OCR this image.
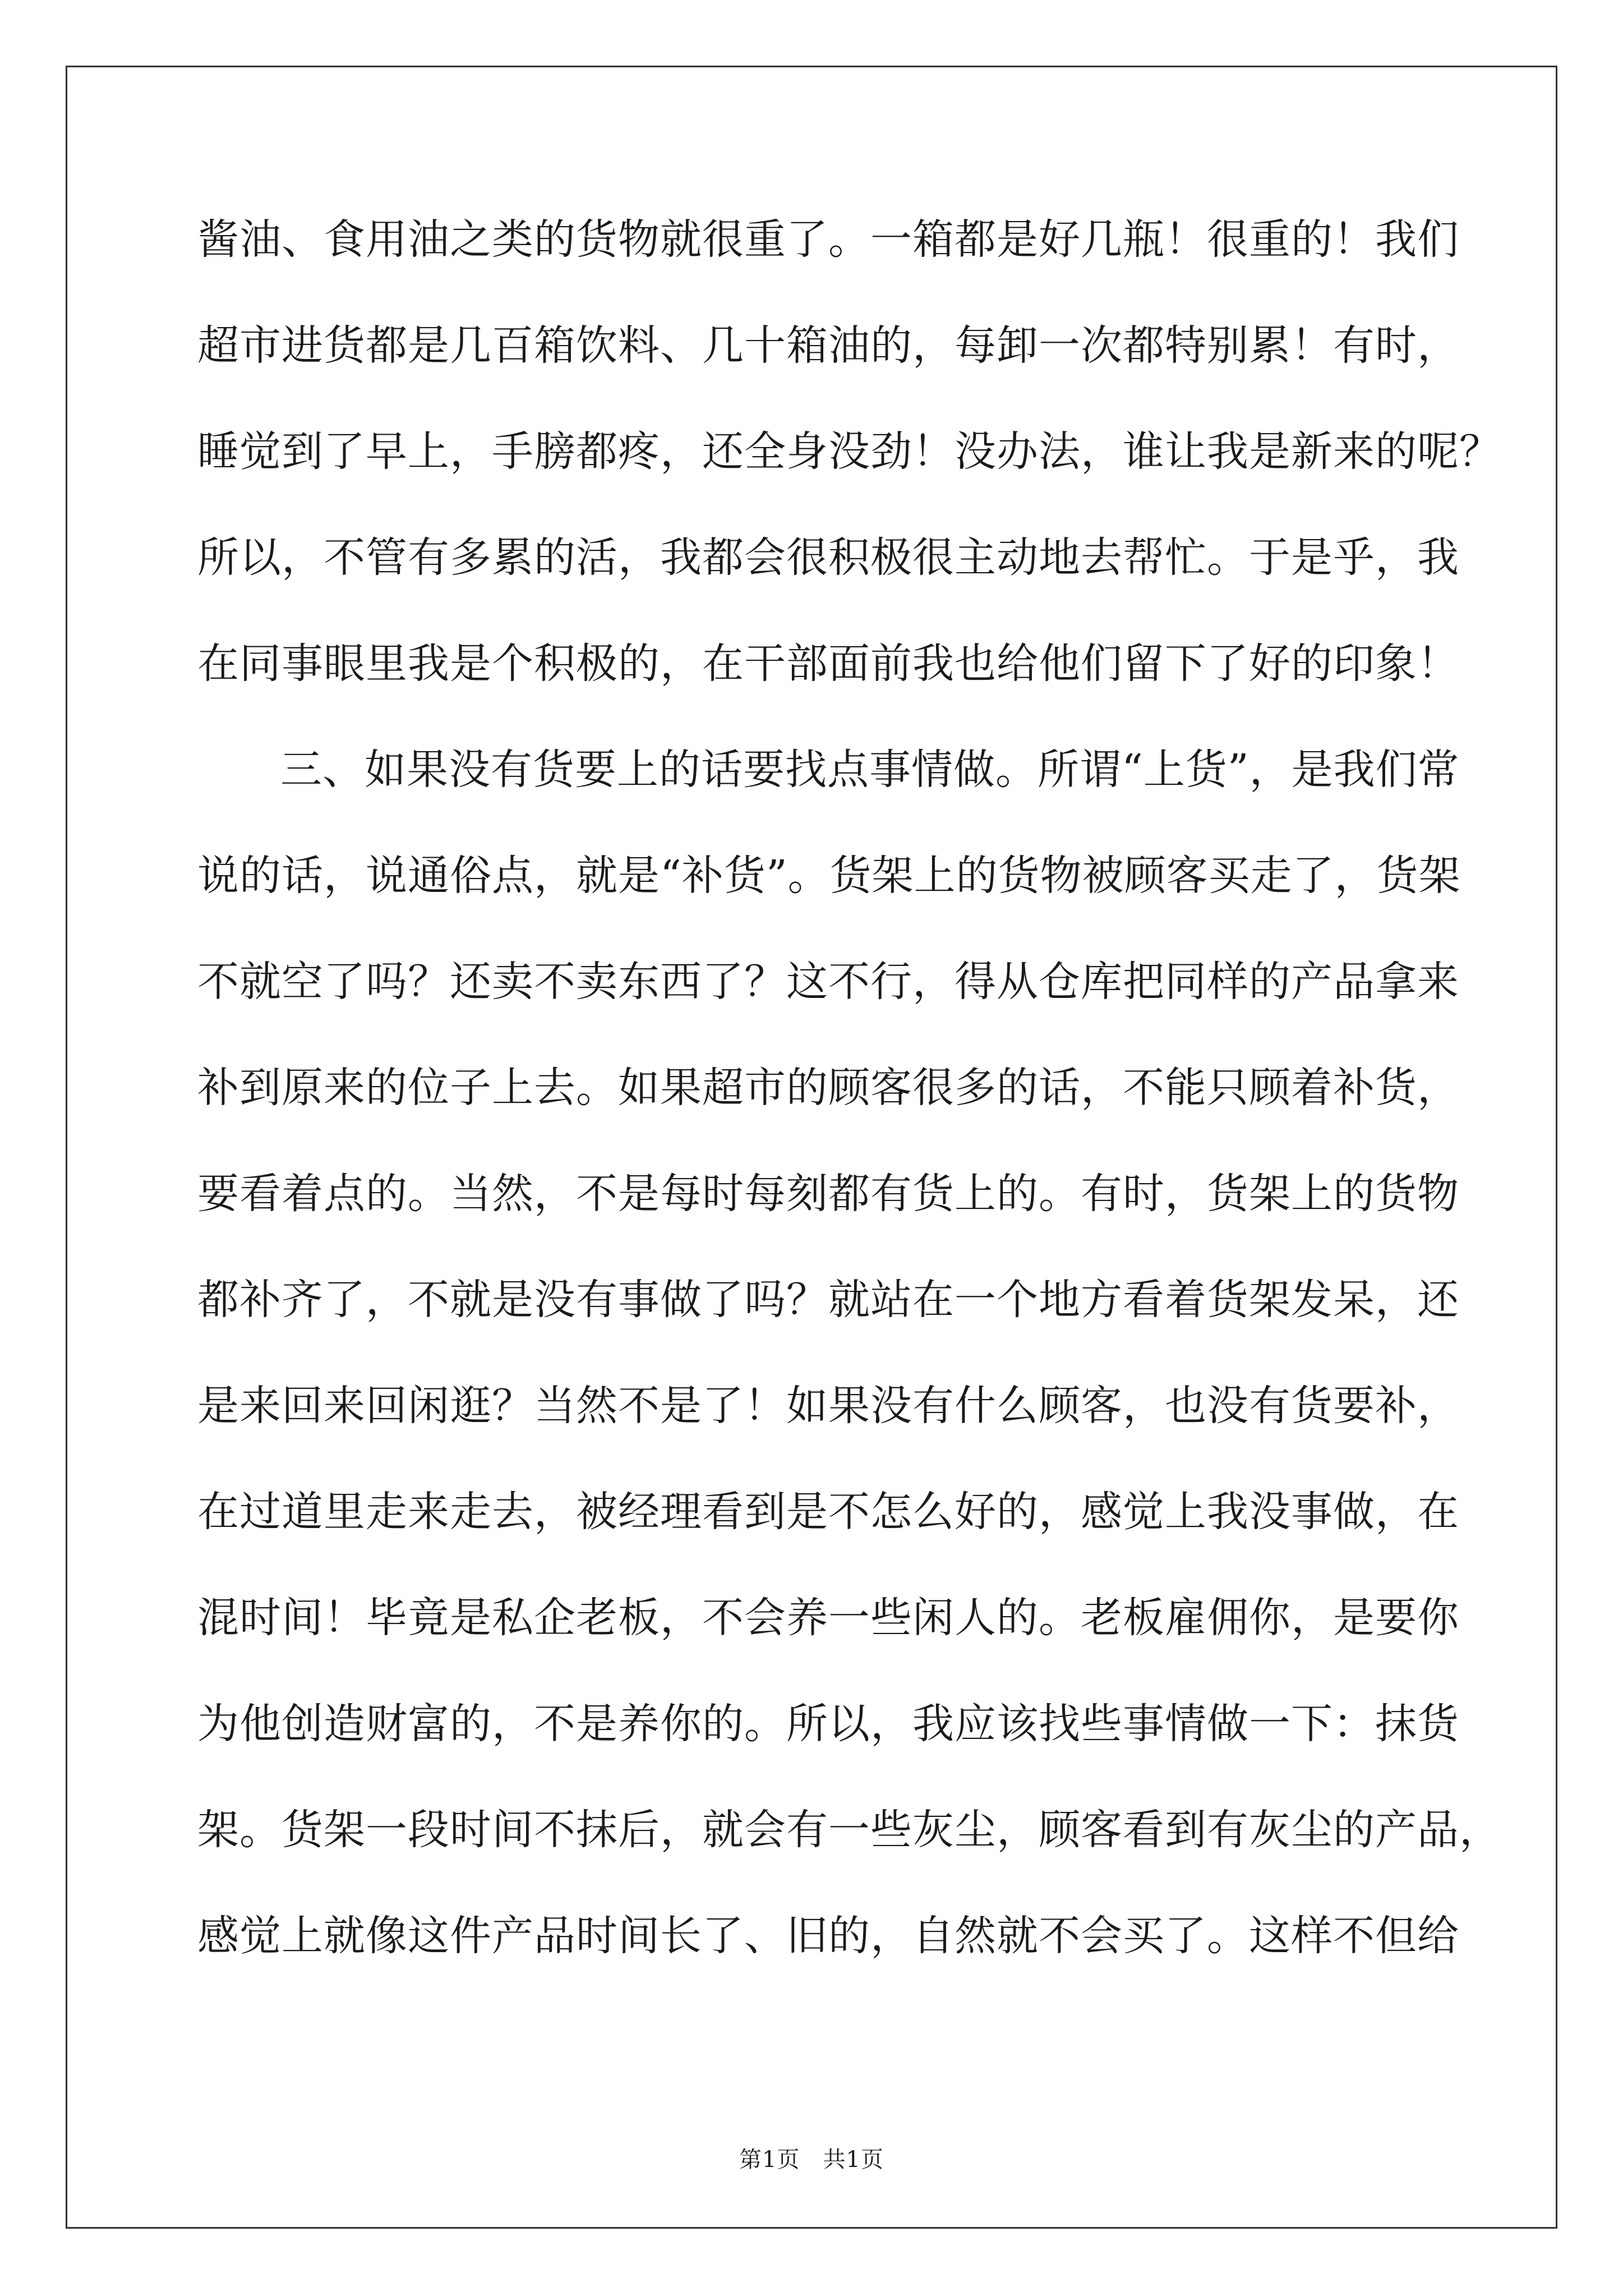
酱油、食用油之类的货物就很重了。一箱都是好几瓶！很重的！我们
超市进货都是几百箱饮料、几十箱油的，每卸一次都特别累！有时，
睡觉到了早上，手膀都疼，还全身没劲！没办法，谁让我是新来的呢？
所以，不管有多累的活，我都会很积极很主动地去帮忙。于是乎，我
在同事眼里我是个积极的，在干部面前我也给他们留下了好的印象！
三、如果没有货要上的话要找点事情做。所谓“上货”，是我们常
说的话，说通俗点，就是“补货”。货架上的货物被顾客买走了，货架
不就空了吗？还卖不卖东西了？这不行，得从仓库把同样的产品拿来
补到原来的位子上去。如果超市的顾客很多的话，不能只顾着补货，
要看着点的。当然，不是每时每刻都有货上的。有时，货架上的货物
都补齐了，不就是没有事做了吗？就站在一个地方看着货架发呆，还
是来回来回闲逛？当然不是了！如果没有什么顾客，也没有货要补，
在过道里走来走去，被经理看到是不怎么好的，感觉上我没事做，在
混时间！毕竟是私企老板，不会养一些闲人的。老板雇佣你，是要你
为他创造财富的，不是养你的。所以，我应该找些事情做一下：抹货
架。货架一段时间不抹后，就会有一些灰尘，顾客看到有灰尘的产品，
感觉上就像这件产品时间长了、旧的，自然就不会买了。这样不但给
第1页　共1页
